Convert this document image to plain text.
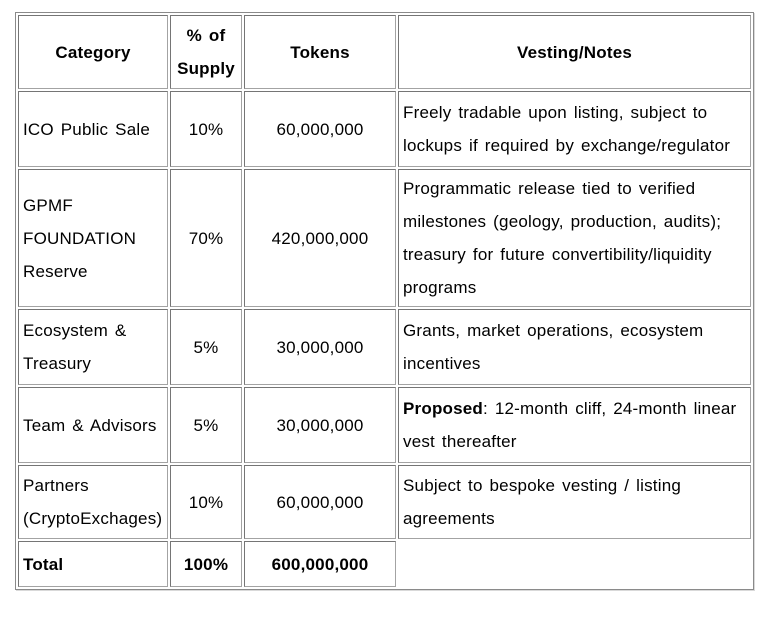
Category	% of Supply	Tokens	Vesting/Notes
ICO Public Sale	10%	60,000,000	Freely tradable upon listing, subject to lockups if required by exchange/regulator
GPMF FOUNDATION Reserve	70%	420,000,000	Programmatic release tied to verified milestones (geology, production, audits); treasury for future convertibility/liquidity programs
Ecosystem & Treasury	5%	30,000,000	Grants, market operations, ecosystem incentives
Team & Advisors	5%	30,000,000	Proposed: 12-month cliff, 24-month linear vest thereafter
Partners (CryptoExchages)	10%	60,000,000	Subject to bespoke vesting / listing agreements
Total	100%	600,000,000	
